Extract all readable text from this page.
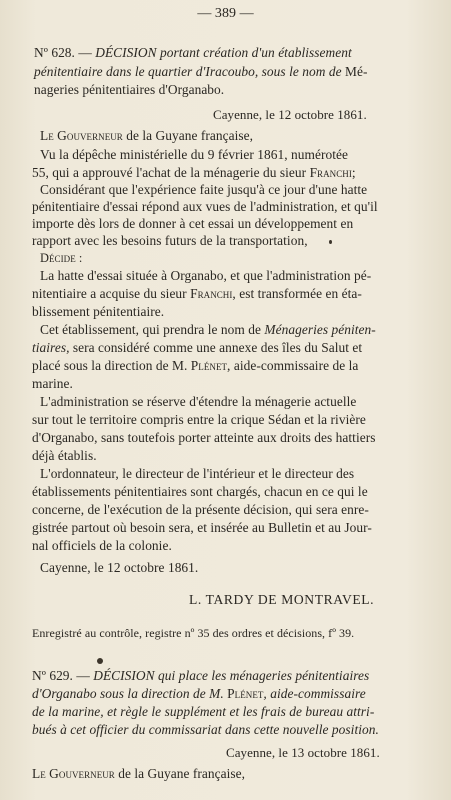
— 389 —
Nº 628. — DÉCISION portant création d'un établissement
pénitentiaire dans le quartier d'Iracoubo, sous le nom de Mé-
nageries pénitentiaires d'Organabo.
Cayenne, le 12 octobre 1861.
Le Gouverneur de la Guyane française,
Vu la dépêche ministérielle du 9 février 1861, numérotée
55, qui a approuvé l'achat de la ménagerie du sieur Franchi;
Considérant que l'expérience faite jusqu'à ce jour d'une hatte
pénitentiaire d'essai répond aux vues de l'administration, et qu'il
importe dès lors de donner à cet essai un développement en
rapport avec les besoins futurs de la transportation,
Décide :
La hatte d'essai située à Organabo, et que l'administration pé-
nitentiaire a acquise du sieur Franchi, est transformée en éta-
blissement pénitentiaire.
Cet établissement, qui prendra le nom de Ménageries péniten-
tiaires, sera considéré comme une annexe des îles du Salut et
placé sous la direction de M. Plénet, aide-commissaire de la
marine.
L'administration se réserve d'étendre la ménagerie actuelle
sur tout le territoire compris entre la crique Sédan et la rivière
d'Organabo, sans toutefois porter atteinte aux droits des hattiers
déjà établis.
L'ordonnateur, le directeur de l'intérieur et le directeur des
établissements pénitentiaires sont chargés, chacun en ce qui le
concerne, de l'exécution de la présente décision, qui sera enre-
gistrée partout où besoin sera, et insérée au Bulletin et au Jour-
nal officiels de la colonie.
Cayenne, le 12 octobre 1861.
L. TARDY DE MONTRAVEL.
Enregistré au contrôle, registre nº 35 des ordres et décisions, fº 39.
Nº 629. — DÉCISION qui place les ménageries pénitentiaires
d'Organabo sous la direction de M. Plénet, aide-commissaire
de la marine, et règle le supplément et les frais de bureau attri-
bués à cet officier du commissariat dans cette nouvelle position.
Cayenne, le 13 octobre 1861.
Le Gouverneur de la Guyane française,
